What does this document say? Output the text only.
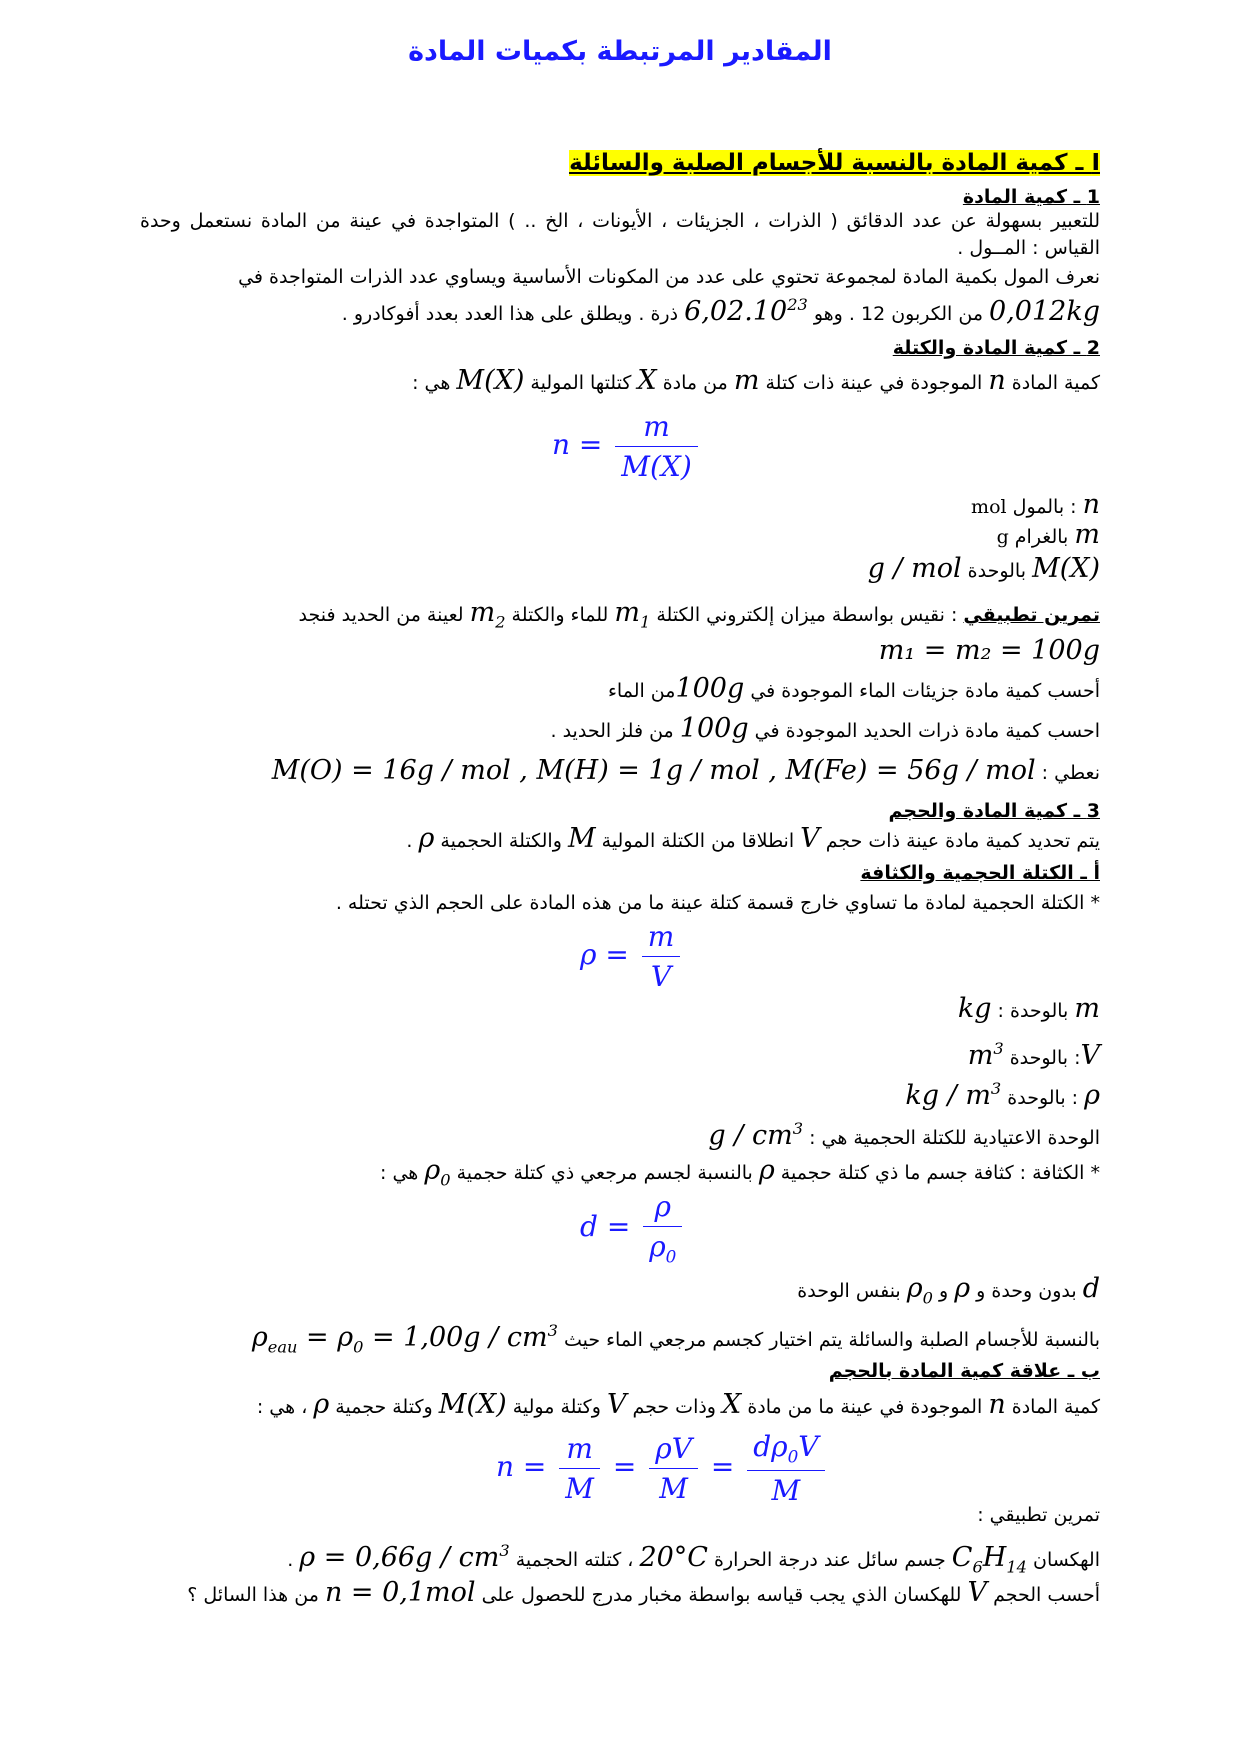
المقادير المرتبطة بكميات المادة
I ـ كمية المادة بالنسبة للأجسام الصلبة والسائلة
1 ـ كمية المادة
للتعبير بسهولة عن عدد الدقائق ( الذرات ، الجزيئات ، الأيونات ، الخ .. ) المتواجدة في عينة من المادة نستعمل وحدة القياس : المــول .
نعرف المول بكمية المادة لمجموعة تحتوي على عدد من المكونات الأساسية ويساوي عدد الذرات المتواجدة في
0,012kg من الكربون 12 . وهو 6,02.10$^{23}$ ذرة . ويطلق على هذا العدد بعدد أفوكادرو .
2 ـ كمية المادة والكتلة
كمية المادة n الموجودة في عينة ذات كتلة m من مادة X كتلتها المولية M(X) هي :
$n = \frac{m}{M(X)}$
n : بالمول mol
m بالغرام g
M(X) بالوحدة g / mol
تمرين تطبيقي : نقيس بواسطة ميزان إلكتروني الكتلة $m_1$ للماء والكتلة $m_2$ لعينة من الحديد فنجد
m₁ = m₂ = 100g
أحسب كمية مادة جزيئات الماء الموجودة في 100gمن الماء
احسب كمية مادة ذرات الحديد الموجودة في 100g من فلز الحديد .
نعطي : M(O) = 16g / mol , M(H) = 1g / mol , M(Fe) = 56g / mol
3 ـ كمية المادة والحجم
يتم تحديد كمية مادة عينة ذات حجم V انطلاقا من الكتلة المولية M والكتلة الحجمية ρ .
أ ـ الكتلة الحجمية والكثافة
* الكتلة الحجمية لمادة ما تساوي خارج قسمة كتلة عينة ما من هذه المادة على الحجم الذي تحتله .
$\rho = \frac{m}{V}$
m بالوحدة : kg
V: بالوحدة $m^3$
ρ : بالوحدة kg / $m^3$
الوحدة الاعتيادية للكتلة الحجمية هي : g / $cm^3$
* الكثافة : كثافة جسم ما ذي كتلة حجمية ρ بالنسبة لجسم مرجعي ذي كتلة حجمية $\rho_0$ هي :
$d = \frac{\rho}{\rho_0}$
d بدون وحدة و ρ و $\rho_0$ بنفس الوحدة
بالنسبة للأجسام الصلبة والسائلة يتم اختيار كجسم مرجعي الماء حيث $\rho_{eau} = \rho_0 = 1,00g / cm^3$
ب ـ علاقة كمية المادة بالحجم
كمية المادة n الموجودة في عينة ما من مادة X وذات حجم V وكتلة مولية M(X) وكتلة حجمية ρ ، هي :
$n = \frac{m}{M} = \frac{\rho V}{M} = \frac{d\rho_0V}{M}$
تمرين تطبيقي :
الهكسان $C_6H_{14}$ جسم سائل عند درجة الحرارة 20°C ، كتلته الحجمية $\rho = 0,66g / cm^3$ .
أحسب الحجم V للهكسان الذي يجب قياسه بواسطة مخبار مدرج للحصول على n = 0,1mol من هذا السائل ؟
